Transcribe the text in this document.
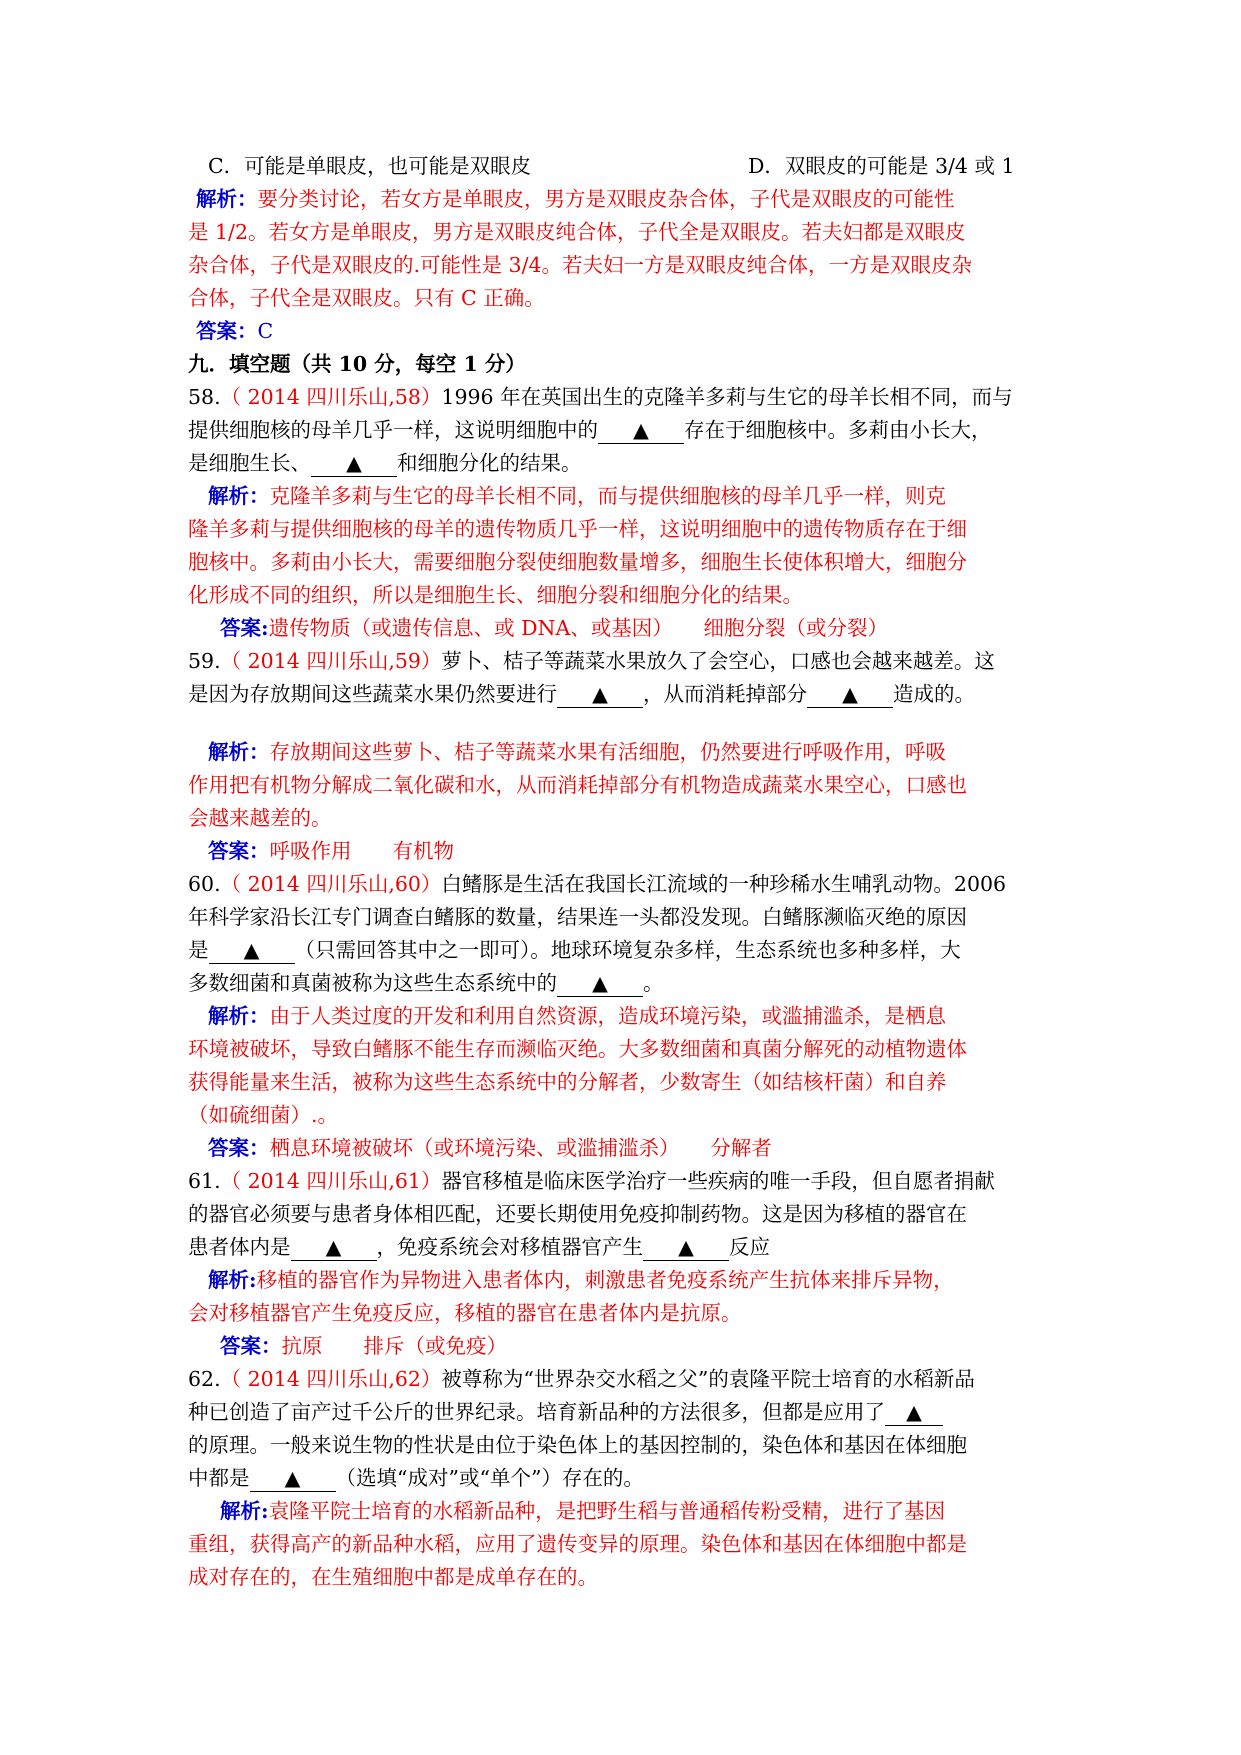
C．可能是单眼皮，也可能是双眼皮	D．双眼皮的可能是 3/4 或 1
解析：要分类讨论，若女方是单眼皮，男方是双眼皮杂合体，子代是双眼皮的可能性
是 1/2。若女方是单眼皮，男方是双眼皮纯合体，子代全是双眼皮。若夫妇都是双眼皮
杂合体，子代是双眼皮的.可能性是 3/4。若夫妇一方是双眼皮纯合体，一方是双眼皮杂
合体，子代全是双眼皮。只有 C 正确。
答案：C
九．填空题（共 10 分，每空 1 分）
58.（ 2014 四川乐山,58）1996 年在英国出生的克隆羊多莉与生它的母羊长相不同，而与
提供细胞核的母羊几乎一样，这说明细胞中的 ▲ 存在于细胞核中。多莉由小长大，
是细胞生长、 ▲ 和细胞分化的结果。
解析：克隆羊多莉与生它的母羊长相不同，而与提供细胞核的母羊几乎一样，则克
隆羊多莉与提供细胞核的母羊的遗传物质几乎一样，这说明细胞中的遗传物质存在于细
胞核中。多莉由小长大，需要细胞分裂使细胞数量增多，细胞生长使体积增大，细胞分
化形成不同的组织，所以是细胞生长、细胞分裂和细胞分化的结果。
答案:遗传物质（或遗传信息、或 DNA、或基因）　　细胞分裂（或分裂）
59.（ 2014 四川乐山,59）萝卜、桔子等蔬菜水果放久了会空心，口感也会越来越差。这
是因为存放期间这些蔬菜水果仍然要进行 ▲ ，从而消耗掉部分 ▲ 造成的。
解析：存放期间这些萝卜、桔子等蔬菜水果有活细胞，仍然要进行呼吸作用，呼吸
作用把有机物分解成二氧化碳和水，从而消耗掉部分有机物造成蔬菜水果空心，口感也
会越来越差的。
答案：呼吸作用　　有机物
60.（ 2014 四川乐山,60）白鳍豚是生活在我国长江流域的一种珍稀水生哺乳动物。2006
年科学家沿长江专门调查白鳍豚的数量，结果连一头都没发现。白鳍豚濒临灭绝的原因
是 ▲ （只需回答其中之一即可）。地球环境复杂多样，生态系统也多种多样，大
多数细菌和真菌被称为这些生态系统中的 ▲ 。
解析：由于人类过度的开发和利用自然资源，造成环境污染，或滥捕滥杀，是栖息
环境被破坏，导致白鳍豚不能生存而濒临灭绝。大多数细菌和真菌分解死的动植物遗体
获得能量来生活，被称为这些生态系统中的分解者，少数寄生（如结核杆菌）和自养
（如硫细菌）.。
答案：栖息环境被破坏（或环境污染、或滥捕滥杀）　　分解者
61.（ 2014 四川乐山,61）器官移植是临床医学治疗一些疾病的唯一手段，但自愿者捐献
的器官必须要与患者身体相匹配，还要长期使用免疫抑制药物。这是因为移植的器官在
患者体内是 ▲ ，免疫系统会对移植器官产生 ▲ 反应
解析:移植的器官作为异物进入患者体内，刺激患者免疫系统产生抗体来排斥异物，
会对移植器官产生免疫反应，移植的器官在患者体内是抗原。
答案：抗原　　排斥（或免疫）
62.（ 2014 四川乐山,62）被尊称为“世界杂交水稻之父”的袁隆平院士培育的水稻新品
种已创造了亩产过千公斤的世界纪录。培育新品种的方法很多，但都是应用了 ▲
的原理。一般来说生物的性状是由位于染色体上的基因控制的，染色体和基因在体细胞
中都是 ▲ （选填“成对”或“单个”）存在的。
解析:袁隆平院士培育的水稻新品种，是把野生稻与普通稻传粉受精，进行了基因
重组，获得高产的新品种水稻，应用了遗传变异的原理。染色体和基因在体细胞中都是
成对存在的，在生殖细胞中都是成单存在的。
